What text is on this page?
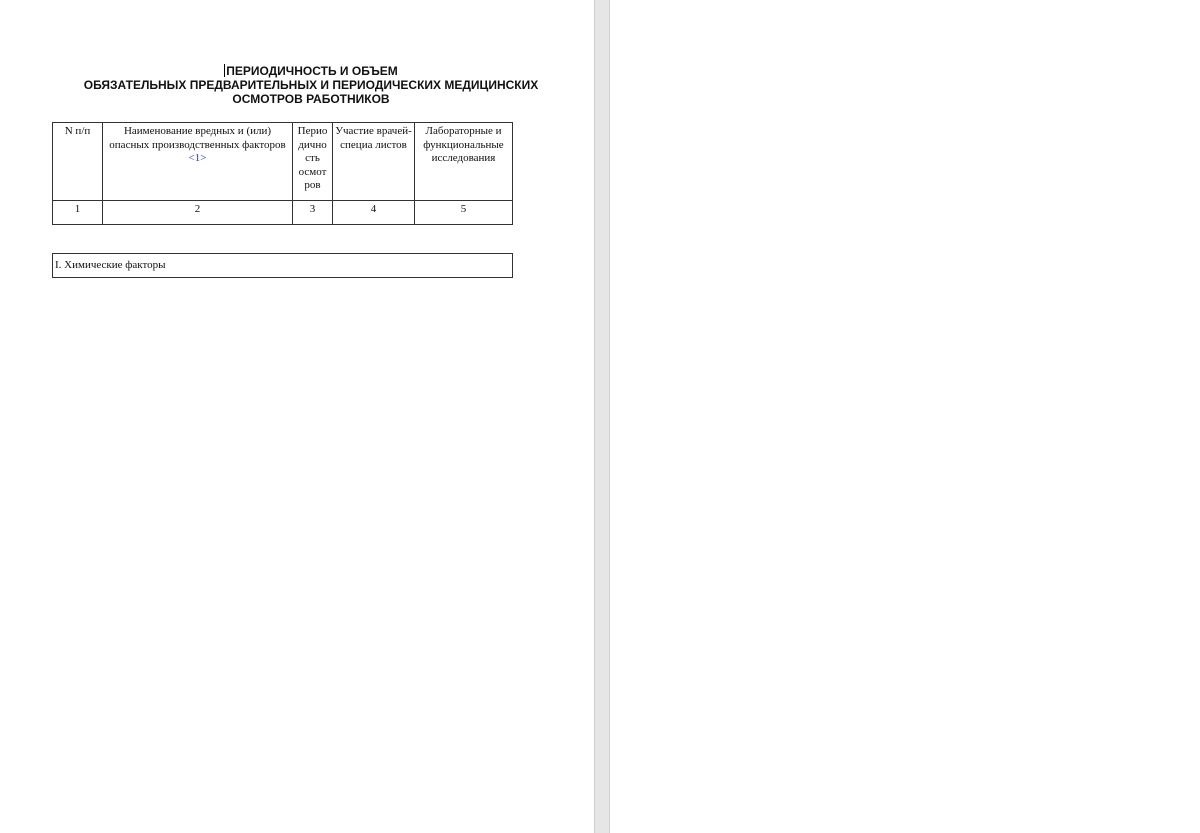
ПЕРИОДИЧНОСТЬ И ОБЪЕМ
ОБЯЗАТЕЛЬНЫХ ПРЕДВАРИТЕЛЬНЫХ И ПЕРИОДИЧЕСКИХ МЕДИЦИНСКИХ
ОСМОТРОВ РАБОТНИКОВ
N п/п	Наименование вредных и (или) опасных производственных факторов <1>	Перио дично сть осмот ров	Участие врачей-специа листов	Лабораторные и функциональные исследования
1	2	3	4	5
I. Химические факторы
